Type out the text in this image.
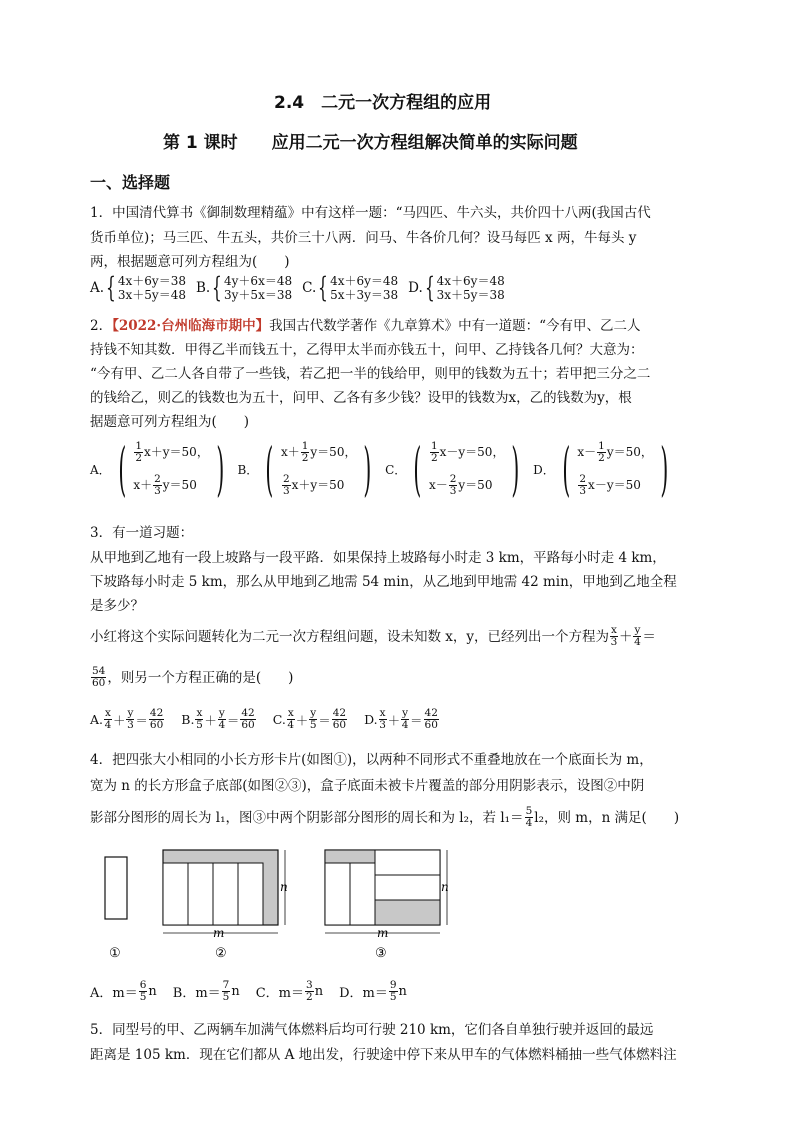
2.4　二元一次方程组的应用
第 1 课时　　应用二元一次方程组解决简单的实际问题
一、选择题
1．中国清代算书《御制数理精蕴》中有这样一题：“马四匹、牛六头，共价四十八两(我国古代
货币单位)；马三匹、牛五头，共价三十八两．问马、牛各价几何？设马每匹 x 两，牛每头 y
两，根据题意可列方程组为(　　)
A. { 4x＋6y＝38
3x＋5y＝48 B. { 4y＋6x＝48
3y＋5x＝38 C. { 4x＋6y＝48
5x＋3y＝38 D. { 4x＋6y＝48
3x＋5y＝38
2．【2022·台州临海市期中】我国古代数学著作《九章算术》中有一道题：“今有甲、乙二人
持钱不知其数．甲得乙半而钱五十，乙得甲太半而亦钱五十，问甲、乙持钱各几何？大意为：
“今有甲、乙二人各自带了一些钱，若乙把一半的钱给甲，则甲的钱数为五十；若甲把三分之二
的钱给乙，则乙的钱数也为五十，问甲、乙各有多少钱？设甲的钱数为x，乙的钱数为y，根
据题意可列方程组为(　　)
A． ( $\frac{1}{2} x+y=50$，
$x+ \frac{2}{3} y=50$ ) B． ( $x+ \frac{1}{2} y=50$，
$\frac{2}{3} x+y=50$ ) C． ( $\frac{1}{2} x-y=50$，
$x- \frac{2}{3} y=50$ ) D． ( $x- \frac{1}{2} y=50$，
$\frac{2}{3} x-y=50$ )
3．有一道习题：
从甲地到乙地有一段上坡路与一段平路．如果保持上坡路每小时走 3 km，平路每小时走 4 km，
下坡路每小时走 5 km，那么从甲地到乙地需 54 min，从乙地到甲地需 42 min，甲地到乙地全程
是多少？
小红将这个实际问题转化为二元一次方程组问题，设未知数 x，y，已经列出一个方程为 $\frac{x}{3} + \frac{y}{4}$ ＝
$\frac{54}{60}$ ，则另一个方程正确的是(　　)
A. $\frac{x}{4} + \frac{y}{3} = \frac{42}{60} B$. $\frac{x}{5} + \frac{y}{4} = \frac{42}{60} C$. $\frac{x}{4} + \frac{y}{5} = \frac{42}{60} D$. $\frac{x}{3} + \frac{y}{4} = \frac{42}{60}$
4．把四张大小相同的小长方形卡片(如图①)，以两种不同形式不重叠地放在一个底面长为 m，
宽为 n 的长方形盒子底部(如图②③)，盒子底面未被卡片覆盖的部分用阴影表示，设图②中阴
影部分图形的周长为 l₁，图③中两个阴影部分图形的周长和为 l₂，若 $l_1= \frac{5}{4} l_2$，则 m，n 满足(　　)
①
m
n
②
m
n
③
A．$m= \frac{6}{5}$ n B．$m= \frac{7}{5}$ n C．$m= \frac{3}{2}$ n D．$m= \frac{9}{5}$ n
5．同型号的甲、乙两辆车加满气体燃料后均可行驶 210 km，它们各自单独行驶并返回的最远
距离是 105 km．现在它们都从 A 地出发，行驶途中停下来从甲车的气体燃料桶抽一些气体燃料注
